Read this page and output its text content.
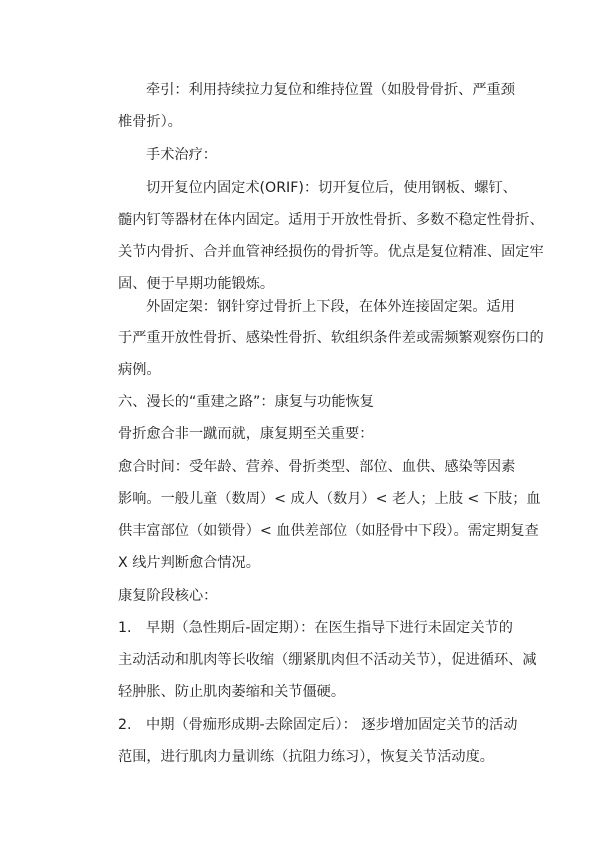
牵引：利用持续拉力复位和维持位置（如股骨骨折、严重颈
椎骨折）。
手术治疗：
切开复位内固定术(ORIF)：切开复位后，使用钢板、螺钉、
髓内钉等器材在体内固定。适用于开放性骨折、多数不稳定性骨折、
关节内骨折、合并血管神经损伤的骨折等。优点是复位精准、固定牢
固、便于早期功能锻炼。
外固定架：钢针穿过骨折上下段，在体外连接固定架。适用
于严重开放性骨折、感染性骨折、软组织条件差或需频繁观察伤口的
病例。
六、漫长的“重建之路”：康复与功能恢复
骨折愈合非一蹴而就，康复期至关重要：
愈合时间：受年龄、营养、骨折类型、部位、血供、感染等因素
影响。一般儿童（数周）< 成人（数月）< 老人；上肢 < 下肢；血
供丰富部位（如锁骨）< 血供差部位（如胫骨中下段）。需定期复查
X 线片判断愈合情况。
康复阶段核心：
1. 早期（急性期后-固定期）：在医生指导下进行未固定关节的
主动活动和肌肉等长收缩（绷紧肌肉但不活动关节），促进循环、减
轻肿胀、防止肌肉萎缩和关节僵硬。
2. 中期（骨痂形成期-去除固定后）： 逐步增加固定关节的活动
范围，进行肌肉力量训练（抗阻力练习），恢复关节活动度。
